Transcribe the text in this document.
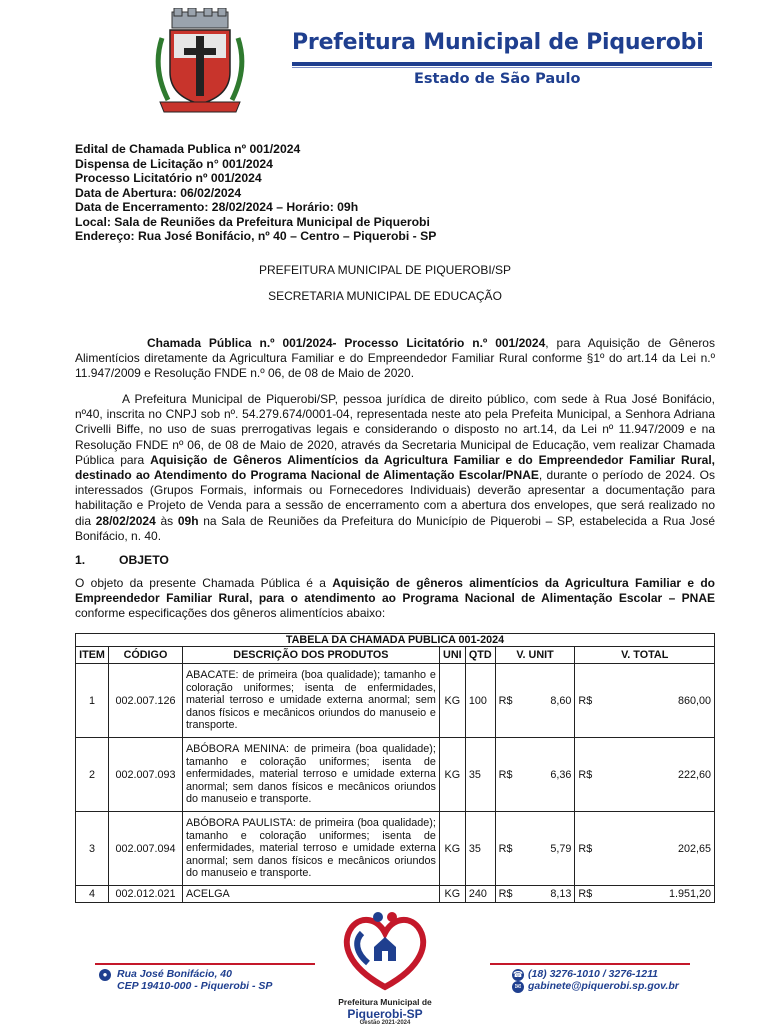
Prefeitura Municipal de Piquerobi
Estado de São Paulo
Edital de Chamada Publica nº 001/2024
Dispensa de Licitação n° 001/2024
Processo Licitatório nº 001/2024
Data de Abertura: 06/02/2024
Data de Encerramento: 28/02/2024 – Horário: 09h
Local: Sala de Reuniões da Prefeitura Municipal de Piquerobi
Endereço: Rua José Bonifácio, nº 40 – Centro – Piquerobi - SP
PREFEITURA MUNICIPAL DE PIQUEROBI/SP
SECRETARIA MUNICIPAL DE EDUCAÇÃO
Chamada Pública n.º 001/2024- Processo Licitatório n.º 001/2024, para Aquisição de Gêneros Alimentícios diretamente da Agricultura Familiar e do Empreendedor Familiar Rural conforme §1º do art.14 da Lei n.º 11.947/2009 e Resolução FNDE n.º 06, de 08 de Maio de 2020.
A Prefeitura Municipal de Piquerobi/SP, pessoa jurídica de direito público, com sede à Rua José Bonifácio, nº40, inscrita no CNPJ sob nº. 54.279.674/0001-04, representada neste ato pela Prefeita Municipal, a Senhora Adriana Crivelli Biffe, no uso de suas prerrogativas legais e considerando o disposto no art.14, da Lei nº 11.947/2009 e na Resolução FNDE nº 06, de 08 de Maio de 2020, através da Secretaria Municipal de Educação, vem realizar Chamada Pública para Aquisição de Gêneros Alimentícios da Agricultura Familiar e do Empreendedor Familiar Rural, destinado ao Atendimento do Programa Nacional de Alimentação Escolar/PNAE, durante o período de 2024. Os interessados (Grupos Formais, informais ou Fornecedores Individuais) deverão apresentar a documentação para habilitação e Projeto de Venda para a sessão de encerramento com a abertura dos envelopes, que será realizado no dia 28/02/2024 às 09h na Sala de Reuniões da Prefeitura do Município de Piquerobi – SP, estabelecida a Rua José Bonifácio, n. 40.
1.	OBJETO
O objeto da presente Chamada Pública é a Aquisição de gêneros alimentícios da Agricultura Familiar e do Empreendedor Familiar Rural, para o atendimento ao Programa Nacional de Alimentação Escolar – PNAE conforme especificações dos gêneros alimentícios abaixo:
TABELA DA CHAMADA PUBLICA 001-2024						
ITEM	CÓDIGO	DESCRIÇÃO DOS PRODUTOS	UNI	QTD	V. UNIT	V. TOTAL
1	002.007.126	ABACATE: de primeira (boa qualidade); tamanho e coloração uniformes; isenta de enfermidades, material terroso e umidade externa anormal; sem danos físicos e mecânicos oriundos do manuseio e transporte.	KG	100	R$ 8,60	R$ 860,00

2	002.007.093	ABÓBORA MENINA: de primeira (boa qualidade); tamanho e coloração uniformes; isenta de enfermidades, material terroso e umidade externa anormal; sem danos físicos e mecânicos oriundos do manuseio e transporte.	KG	35	R$ 6,36	R$ 222,60

3	002.007.094	ABÓBORA PAULISTA: de primeira (boa qualidade); tamanho e coloração uniformes; isenta de enfermidades, material terroso e umidade externa anormal; sem danos físicos e mecânicos oriundos do manuseio e transporte.	KG	35	R$ 5,79	R$ 202,65

4	002.012.021	ACELGA	KG	240	R$ 8,13	R$ 1.951,20
● Rua José Bonifácio, 40
CEP 19410-000 - Piquerobi - SP
Prefeitura Municipal de
Piquerobi-SP
Gestão 2021-2024
☎ (18) 3276-1010 / 3276-1211
✉ gabinete@piquerobi.sp.gov.br
